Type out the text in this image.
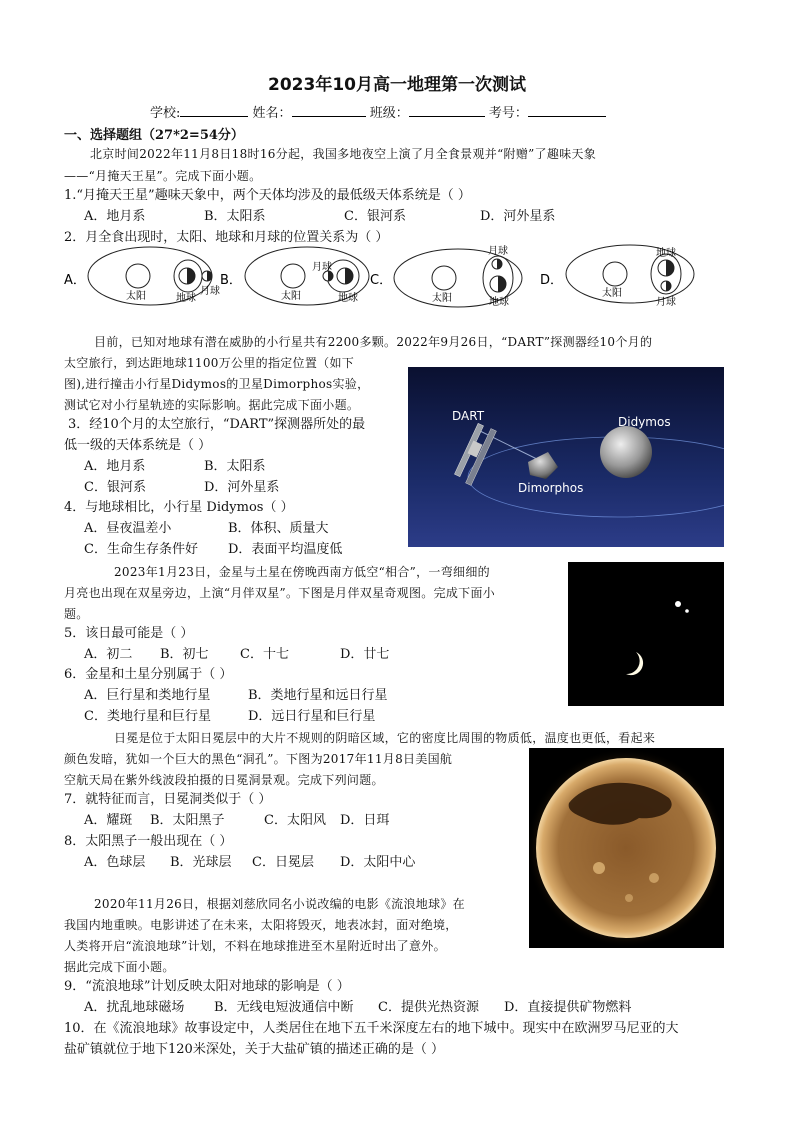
2023年10月高一地理第一次测试
学校:	姓名：	班级：	考号：
一、选择题组（27*2=54分）
北京时间2022年11月8日18时16分起，我国多地夜空上演了月全食景观并“附赠”了趣味天象
——“月掩天王星”。完成下面小题。
1.“月掩天王星”趣味天象中，两个天体均涉及的最低级天体系统是（ ）
A．地月系	B．太阳系	C．银河系	D．河外星系
2．月全食出现时，太阳、地球和月球的位置关系为（ ）
A．
太阳	地球
月球
B．
太阳
月球
地球
C．
太阳
月球
地球
D．
太阳
地球
月球
目前，已知对地球有潜在威胁的小行星共有2200多颗。2022年9月26日，“DART”探测器经10个月的
太空旅行，到达距地球1100万公里的指定位置（如下
图),进行撞击小行星Didymos的卫星Dimorphos实验，
测试它对小行星轨迹的实际影响。据此完成下面小题。
DART	Didymos
Dimorphos
3．经10个月的太空旅行，“DART”探测器所处的最
低一级的天体系统是（ ）
A．地月系	B．太阳系
C．银河系	D．河外星系
4．与地球相比，小行星 Didymos（ ）
A．昼夜温差小	B．体积、质量大
C．生命生存条件好 D．表面平均温度低
2023年1月23日，金星与土星在傍晚西南方低空“相合”，一弯细细的
月亮也出现在双星旁边，上演“月伴双星”。下图是月伴双星奇观图。完成下面小
题。
5．该日最可能是（ ）
A．初二 B．初七 C．十七	D．廿七
6．金星和土星分别属于（ ）
A．巨行星和类地行星	B．类地行星和远日行星
C．类地行星和巨行星	D．远日行星和巨行星
日冕是位于太阳日冕层中的大片不规则的阴暗区域，它的密度比周围的物质低，温度也更低，看起来
颜色发暗，犹如一个巨大的黑色“洞孔”。下图为2017年11月8日美国航
空航天局在紫外线波段拍摄的日冕洞景观。完成下列问题。
7．就特征而言，日冕洞类似于（ ）
A．耀斑 B．太阳黑子	C．太阳风 D．日珥
8．太阳黑子一般出现在（ ）
A．色球层 B．光球层 C．日冕层 D．太阳中心
2020年11月26日，根据刘慈欣同名小说改编的电影《流浪地球》在
我国内地重映。电影讲述了在未来，太阳将毁灭，地表冰封，面对绝境，
人类将开启“流浪地球”计划，不料在地球推进至木星附近时出了意外。
据此完成下面小题。
9．“流浪地球”计划反映太阳对地球的影响是（ ）
A．扰乱地球磁场 B．无线电短波通信中断 C．提供光热资源 D．直接提供矿物燃料
10．在《流浪地球》故事设定中，人类居住在地下五千米深度左右的地下城中。现实中在欧洲罗马尼亚的大
盐矿镇就位于地下120米深处，关于大盐矿镇的描述正确的是（ ）
